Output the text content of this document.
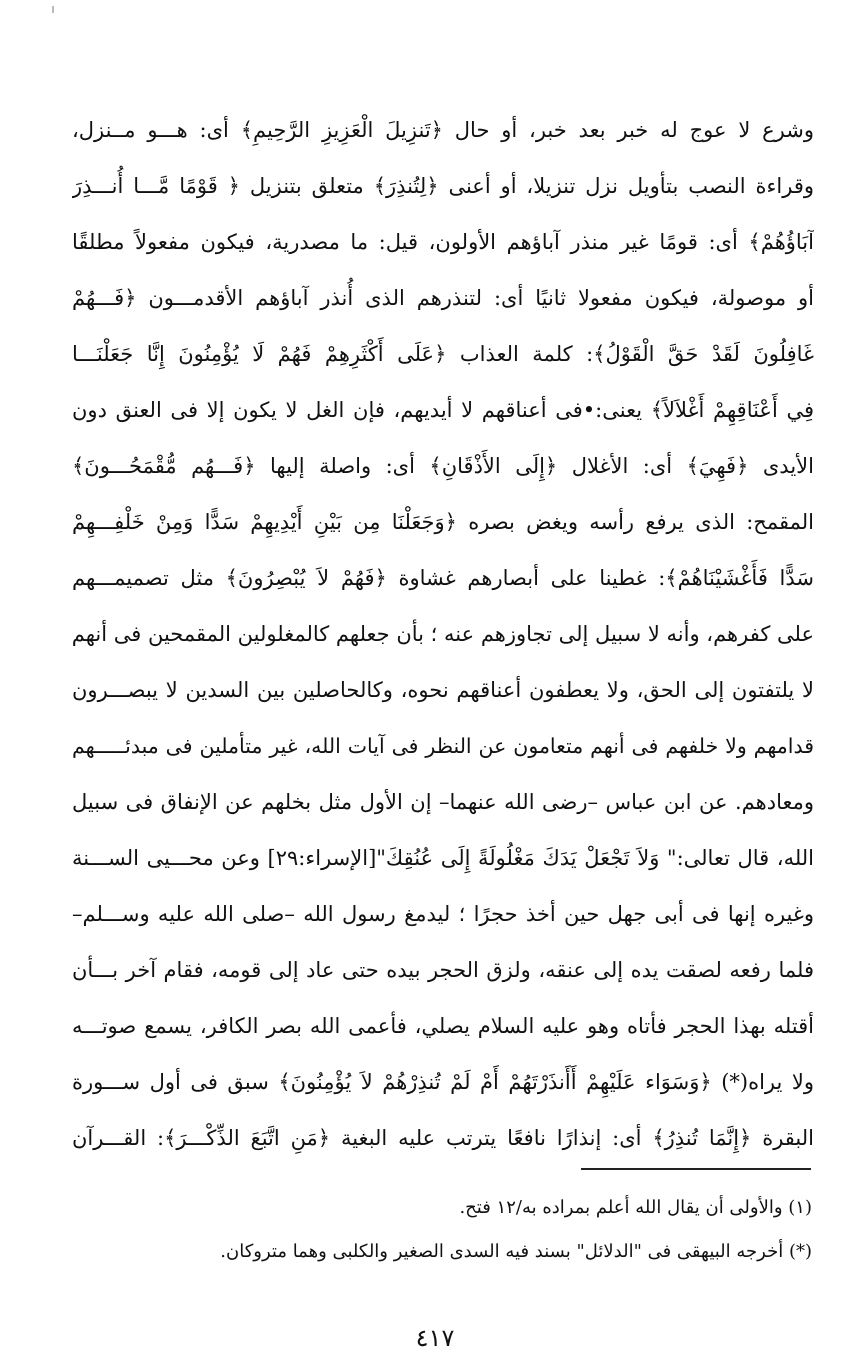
وشرع لا عوج له خبر بعد خبر، أو حال ﴿تَنزِيلَ الْعَزِيزِ الرَّحِيمِ﴾ أى: هـــو مــنزل،
وقراءة النصب بتأويل نزل تنزيلا، أو أعنى ﴿لِتُنذِرَ﴾ متعلق بتنزيل ﴿ قَوْمًا مَّـــا أُنـــذِرَ
آبَاؤُهُمْ﴾ أى: قومًا غير منذر آباؤهم الأولون، قيل: ما مصدرية، فيكون مفعولاً مطلقًا
أو موصولة، فيكون مفعولا ثانيًا أى: لتنذرهم الذى أُنذر آباؤهم الأقدمـــون ﴿فَـــهُمْ
غَافِلُونَ لَقَدْ حَقَّ الْقَوْلُ﴾: كلمة العذاب ﴿عَلَى أَكْثَرِهِمْ فَهُمْ لَا يُؤْمِنُونَ إِنَّا جَعَلْنَـــا
فِي أَعْنَاقِهِمْ أَغْلاَلاً﴾ يعنى:•فى أعناقهم لا أيديهم، فإن الغل لا يكون إلا فى العنق دون
الأيدى ﴿فَهِيَ﴾ أى: الأغلال ﴿إِلَى الأَذْقَانِ﴾ أى: واصلة إليها ﴿فَـــهُم مُّقْمَحُـــونَ﴾
المقمح: الذى يرفع رأسه ويغض بصره ﴿وَجَعَلْنَا مِن بَيْنِ أَيْدِيهِمْ سَدًّا وَمِنْ خَلْفِـــهِمْ
سَدًّا فَأَغْشَيْنَاهُمْ﴾: غطينا على أبصارهم غشاوة ﴿فَهُمْ لاَ يُبْصِرُونَ﴾ مثل تصميمـــهم
على كفرهم، وأنه لا سبيل إلى تجاوزهم عنه ؛ بأن جعلهم كالمغلولين المقمحين فى أنهم
لا يلتفتون إلى الحق، ولا يعطفون أعناقهم نحوه، وكالحاصلين بين السدين لا يبصـــرون
قدامهم ولا خلفهم فى أنهم متعامون عن النظر فى آيات الله، غير متأملين فى مبدئـــــهم
ومعادهم. عن ابن عباس –رضى الله عنهما– إن الأول مثل بخلهم عن الإنفاق فى سبيل
الله، قال تعالى:" وَلاَ تَجْعَلْ يَدَكَ مَغْلُولَةً إِلَى عُنُقِكَ"[الإسراء:٢٩] وعن محـــيى الســـنة
وغيره إنها فى أبى جهل حين أخذ حجرًا ؛ ليدمغ رسول الله –صلى الله عليه وســـلم–
فلما رفعه لصقت يده إلى عنقه، ولزق الحجر بيده حتى عاد إلى قومه، فقام آخر بـــأن
أقتله بهذا الحجر فأتاه وهو عليه السلام يصلي، فأعمى الله بصر الكافر، يسمع صوتـــه
ولا يراه(*) ﴿وَسَوَاء عَلَيْهِمْ أَأَنذَرْتَهُمْ أَمْ لَمْ تُنذِرْهُمْ لاَ يُؤْمِنُونَ﴾ سبق فى أول ســـورة
البقرة ﴿إِنَّمَا تُنذِرُ﴾ أى: إنذارًا نافعًا يترتب عليه البغية ﴿مَنِ اتَّبَعَ الذِّكْـــرَ﴾: القـــرآن
(١) والأولى أن يقال الله أعلم بمراده به/١٢ فتح.
(*) أخرجه البيهقى فى "الدلائل" بسند فيه السدى الصغير والكلبى وهما متروكان.
٤١٧
